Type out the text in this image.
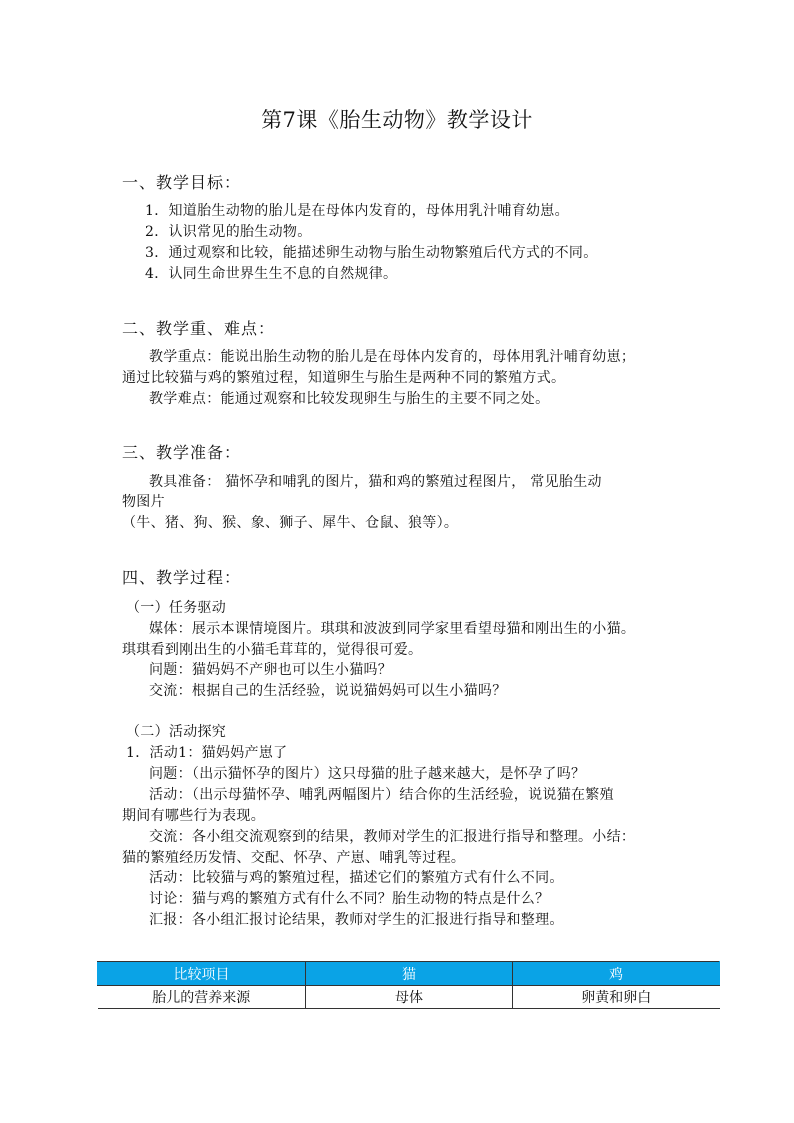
第7课《胎生动物》教学设计
一、教学目标：
1．知道胎生动物的胎儿是在母体内发育的，母体用乳汁哺育幼崽。
2．认识常见的胎生动物。
3．通过观察和比较，能描述卵生动物与胎生动物繁殖后代方式的不同。
4．认同生命世界生生不息的自然规律。
二、教学重、难点：
教学重点：能说出胎生动物的胎儿是在母体内发育的，母体用乳汁哺育幼崽；
通过比较猫与鸡的繁殖过程，知道卵生与胎生是两种不同的繁殖方式。
教学难点：能通过观察和比较发现卵生与胎生的主要不同之处。
三、教学准备：
教具准备： 猫怀孕和哺乳的图片，猫和鸡的繁殖过程图片， 常见胎生动
物图片
（牛、猪、狗、猴、象、狮子、犀牛、仓鼠、狼等）。
四、教学过程：
（一）任务驱动
媒体：展示本课情境图片。琪琪和波波到同学家里看望母猫和刚出生的小猫。
琪琪看到刚出生的小猫毛茸茸的，觉得很可爱。
问题：猫妈妈不产卵也可以生小猫吗？
交流：根据自己的生活经验，说说猫妈妈可以生小猫吗？
（二）活动探究
1．活动1：猫妈妈产崽了
问题：（出示猫怀孕的图片）这只母猫的肚子越来越大，是怀孕了吗？
活动：（出示母猫怀孕、哺乳两幅图片）结合你的生活经验，说说猫在繁殖
期间有哪些行为表现。
交流：各小组交流观察到的结果，教师对学生的汇报进行指导和整理。小结：
猫的繁殖经历发情、交配、怀孕、产崽、哺乳等过程。
活动：比较猫与鸡的繁殖过程，描述它们的繁殖方式有什么不同。
讨论：猫与鸡的繁殖方式有什么不同？胎生动物的特点是什么？
汇报：各小组汇报讨论结果，教师对学生的汇报进行指导和整理。
比较项目	猫	鸡
胎儿的营养来源	母体	卵黄和卵白
